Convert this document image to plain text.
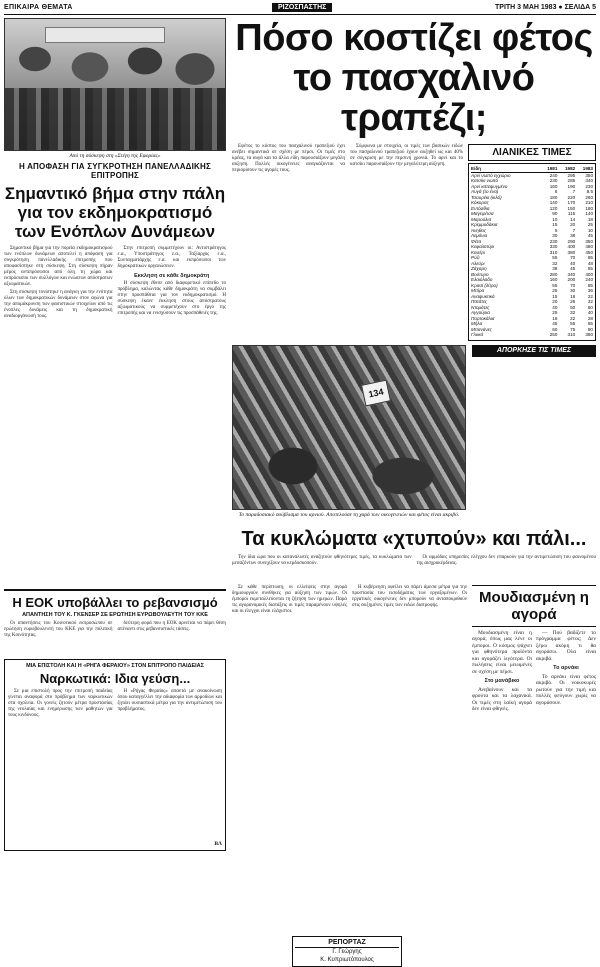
ΕΠΙΚΑΙΡΑ ΘΕΜΑΤΑ	ΡΙΖΟΣΠΑΣΤΗΣ	ΤΡΙΤΗ 3 ΜΑΗ 1983 ● ΣΕΛΙΔΑ 5
Από τη σύσκεψη στη «Στέγη της Εφορίας»
Η ΑΠΟΦΑΣΗ ΓΙΑ ΣΥΓΚΡΟΤΗΣΗ ΠΑΝΕΛΛΑΔΙΚΗΣ ΕΠΙΤΡΟΠΗΣ
Σημαντικό βήμα στην πάλη για τον εκδημοκρατισμό των Ενόπλων Δυνάμεων

Σημαντικό βήμα για την πορεία εκδημοκρατισμού των ενόπλων δυνάμεων αποτελεί η απόφαση για συγκρότηση πανελλαδικής επιτροπής που αποφασίστηκε στη σύσκεψη. Στη σύσκεψη πήραν μέρος αντιπρόσωποι από όλη τη χώρα και εκπρόσωποι των συλλόγων και ενώσεων απόστρατων αξιωματικών.

Στη σύσκεψη τονίστηκε η ανάγκη για την ενότητα όλων των δημοκρατικών δυνάμεων στον αγώνα για την απομάκρυνση των φασιστικών στοιχείων από τις ένοπλες δυνάμεις και τη δημοκρατική αναδιοργάνωσή τους.

Στην επιτροπή συμμετέχουν οι: Αντιστράτηγος ε.α., Υποστράτηγος ε.α., Ταξίαρχος ε.α., Συνταγματάρχης ε.α. και εκπρόσωποι των δημοκρατικών οργανώσεων.

Εκκληση σε κάθε δημοκράτη

Η σύσκεψη έθεσε από διαφορετικό επίπεδο το πρόβλημα, καλώντας κάθε δημοκράτη να συμβάλει στην προσπάθεια για τον εκδημοκρατισμό. Η σύσκεψη έκανε έκκληση στους απόστρατους αξιωματικούς να συμμετέχουν στο έργο της επιτροπής και να ενισχύσουν τις προσπάθειές της.

Η ΕΟΚ υποβάλλει το ρεβανσισμό
ΑΠΑΝΤΗΣΗ ΤΟΥ Κ. ΓΚΕΝΣΕΡ ΣΕ ΕΡΩΤΗΣΗ ΕΥΡΩΒΟΥΛΕΥΤΗ ΤΟΥ ΚΚΕ

Οι απαντήσεις του Κοινοτικού εκπροσώπου σε ερώτηση ευρωβουλευτή του ΚΚΕ για την πολιτική της Κοινότητας.

δεύτερη φορά που η ΕΟΚ αρνείται να πάρει θέση απέναντι στις ρεβανσιστικές τάσεις.

ΜΙΑ ΕΠΙΣΤΟΛΗ ΚΑΙ Η «ΡΗΓΑ ΦΕΡΑΙΟΥ» ΣΤΟΝ ΕΠΙΤΡΟΠΟ ΠΑΙΔΕΙΑΣ
Ναρκωτικά: Ιδια γεύση...

Σε μια επιστολή προς την επιτροπή παιδείας γίνεται αναφορά στο πρόβλημα των ναρκωτικών στα σχολεία. Οι γονείς ζητούν μέτρα προστασίας της νεολαίας και ενημέρωσης των μαθητών για τους κινδύνους.

Η «Ρήγας Φεραίος» απαντά με ανακοίνωση όπου καταγγέλλει την αδιαφορία των αρμοδίων και ζητάει ουσιαστικά μέτρα για την αντιμετώπιση του προβλήματος.

ΒΛ
Πόσο κοστίζει φέτος το πασχαλινό τραπέζι;

Εφέτος το κόστος του πασχαλινού τραπεζιού έχει ανέβει σημαντικά σε σχέση με πέρσι. Οι τιμές στο κρέας, τα αυγά και τα άλλα είδη παρουσιάζουν μεγάλη αύξηση. Πολλές οικογένειες αναγκάζονται να περιορίσουν τις αγορές τους.

Σύμφωνα με στοιχεία, οι τιμές των βασικών ειδών του πασχαλινού τραπεζιού έχουν αυξηθεί ως και 40% σε σύγκριση με την περσινή χρονιά. Το αρνί και το κατσίκι παρουσιάζουν την μεγαλύτερη αύξηση.

ΛΙΑΝΙΚΕΣ ΤΙΜΕΣ
Είδη	1981	1982	1983
Αρνί νωπό εγχώριο	240	295	350
Κατσίκι νωπό	230	285	340
Αρνί κατεψυγμένο	160	190	230
Αυγά (το ένα)	6	7	8.5
Τσουρέκι (κιλό)	180	220	260
Κόκορας	140	170	210
Εντόσθια	120	150	180
Μαγειρίτσα	90	115	140
Μαρούλια	10	14	18
Κρεμμυδάκια	15	20	25
Άνηθος	5	7	10
Λεμόνια	30	38	45
Φέτα	230	290	350
Κεφαλοτύρι	330	400	480
Κασέρι	310	380	450
Ρύζι	55	70	85
Αλεύρι	32	40	48
Ζάχαρη	38	45	55
Βούτυρο	280	340	400
Ελαιόλαδο	160	200	240
Κρασί (λίτρο)	55	70	85
Μπίρα	25	30	36
Αναψυκτικά	15	18	22
Πατάτες	20	26	32
Ντομάτες	40	50	60
Αγγούρια	25	32	40
Πορτοκάλια	18	22	28
Μήλα	45	55	65
Μπανάνες	60	75	90
Γλυκά	250	310	380
134
Το παραδοσιακό σούβλισμα του αρνιού. Αποτελούσε τη χαρά των οικογενειών και φέτος είναι ακριβό.
ΑΠΟΡΚΗΣΕ ΤΙΣ ΤΙΜΕΣ
Τα κυκλώματα «χτυπούν» και πάλι...

Την ίδια ώρα που οι καταναλωτές αναζητούν φθηνότερες τιμές, τα κυκλώματα των μεσαζόντων συνεχίζουν να κερδοσκοπούν.

Οι αρμόδιες υπηρεσίες ελέγχου δεν επαρκούν για την αντιμετώπιση του φαινομένου της αισχροκέρδειας.

Σε κάθε περίπτωση, οι ελλείψεις στην αγορά δημιουργούν συνθήκες για αύξηση των τιμών. Οι έμποροι εκμεταλλεύονται τη ζήτηση των ημερών. Παρά τις αγορανομικές διατάξεις οι τιμές παραμένουν υψηλές και οι έλεγχοι είναι ελάχιστοι.

Η κυβέρνηση οφείλει να πάρει άμεσα μέτρα για την προστασία του εισοδήματος των εργαζομένων. Οι εργατικές οικογένειες δεν μπορούν να ανταποκριθούν στις αυξημένες τιμές των ειδών διατροφής.	Μουδιασμένη η αγορά

Μουδιασμένη είναι η αγορά, όπως μας λένε οι έμποροι. Ο κόσμος ψάχνει για φθηνότερα προϊόντα και αγοράζει λιγότερα. Οι πωλήσεις είναι μειωμένες σε σχέση με πέρσι.

Στο μανάβικο

Ανεβαίνουν και τα φρούτα και τα λαχανικά. Οι τιμές στη λαϊκή αγορά δεν είναι φθηνές.

— Πού βαδίζετε το πρόγραμμα φέτος; Δεν ξέρω ακόμη τι θα αγοράσω. Ολα είναι ακριβά.

Το αρνάκι

Το αρνάκι είναι φέτος ακριβό. Οι νοικοκυρές ρωτούν για την τιμή και πολλές φεύγουν χωρίς να αγοράσουν.

ΡΕΠΟΡΤΑΖ
Γ. Γεώργης
Κ. Κυπριωτόπουλος
